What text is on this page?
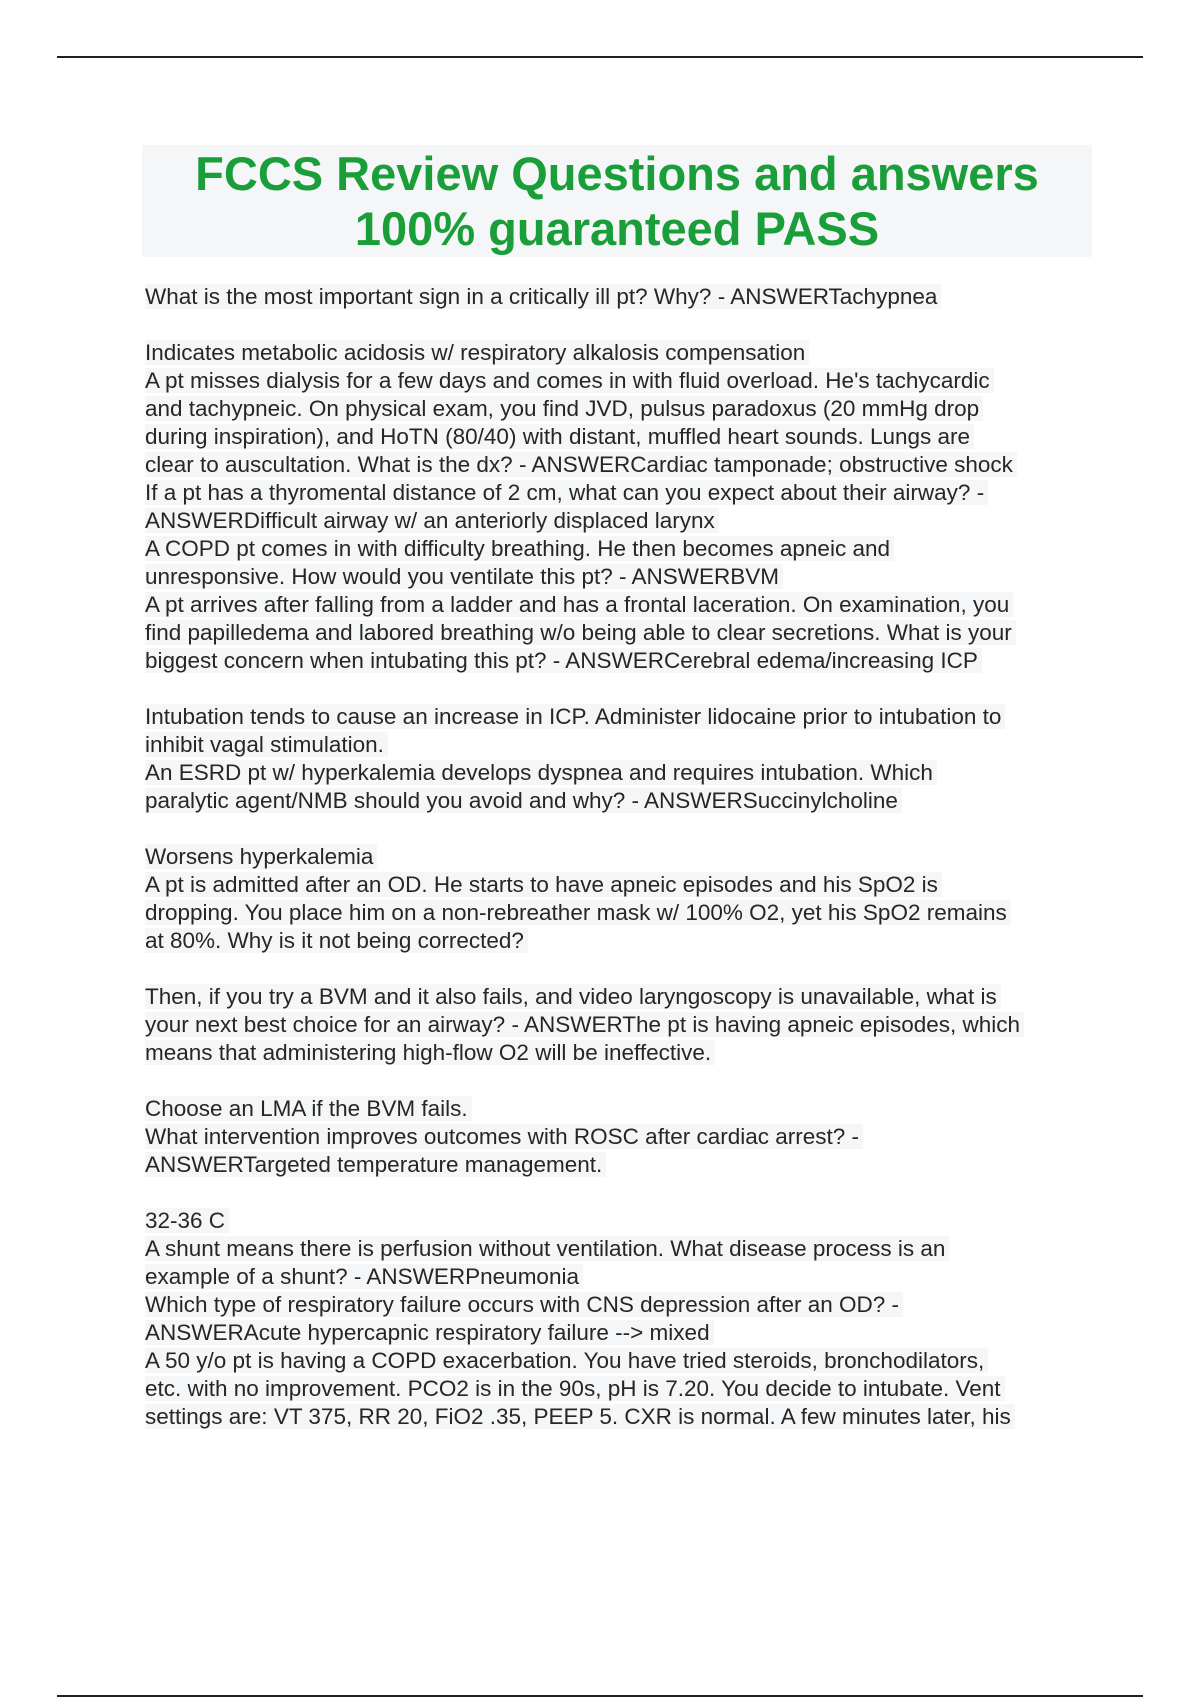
FCCS Review Questions and answers
100% guaranteed PASS
What is the most important sign in a critically ill pt? Why? - ANSWERTachypnea
Indicates metabolic acidosis w/ respiratory alkalosis compensation
A pt misses dialysis for a few days and comes in with fluid overload. He's tachycardic
and tachypneic. On physical exam, you find JVD, pulsus paradoxus (20 mmHg drop
during inspiration), and HoTN (80/40) with distant, muffled heart sounds. Lungs are
clear to auscultation. What is the dx? - ANSWERCardiac tamponade; obstructive shock
If a pt has a thyromental distance of 2 cm, what can you expect about their airway? -
ANSWERDifficult airway w/ an anteriorly displaced larynx
A COPD pt comes in with difficulty breathing. He then becomes apneic and
unresponsive. How would you ventilate this pt? - ANSWERBVM
A pt arrives after falling from a ladder and has a frontal laceration. On examination, you
find papilledema and labored breathing w/o being able to clear secretions. What is your
biggest concern when intubating this pt? - ANSWERCerebral edema/increasing ICP
Intubation tends to cause an increase in ICP. Administer lidocaine prior to intubation to
inhibit vagal stimulation.
An ESRD pt w/ hyperkalemia develops dyspnea and requires intubation. Which
paralytic agent/NMB should you avoid and why? - ANSWERSuccinylcholine
Worsens hyperkalemia
A pt is admitted after an OD. He starts to have apneic episodes and his SpO2 is
dropping. You place him on a non-rebreather mask w/ 100% O2, yet his SpO2 remains
at 80%. Why is it not being corrected?
Then, if you try a BVM and it also fails, and video laryngoscopy is unavailable, what is
your next best choice for an airway? - ANSWERThe pt is having apneic episodes, which
means that administering high-flow O2 will be ineffective.
Choose an LMA if the BVM fails.
What intervention improves outcomes with ROSC after cardiac arrest? -
ANSWERTargeted temperature management.
32-36 C
A shunt means there is perfusion without ventilation. What disease process is an
example of a shunt? - ANSWERPneumonia
Which type of respiratory failure occurs with CNS depression after an OD? -
ANSWERAcute hypercapnic respiratory failure --> mixed
A 50 y/o pt is having a COPD exacerbation. You have tried steroids, bronchodilators,
etc. with no improvement. PCO2 is in the 90s, pH is 7.20. You decide to intubate. Vent
settings are: VT 375, RR 20, FiO2 .35, PEEP 5. CXR is normal. A few minutes later, his
